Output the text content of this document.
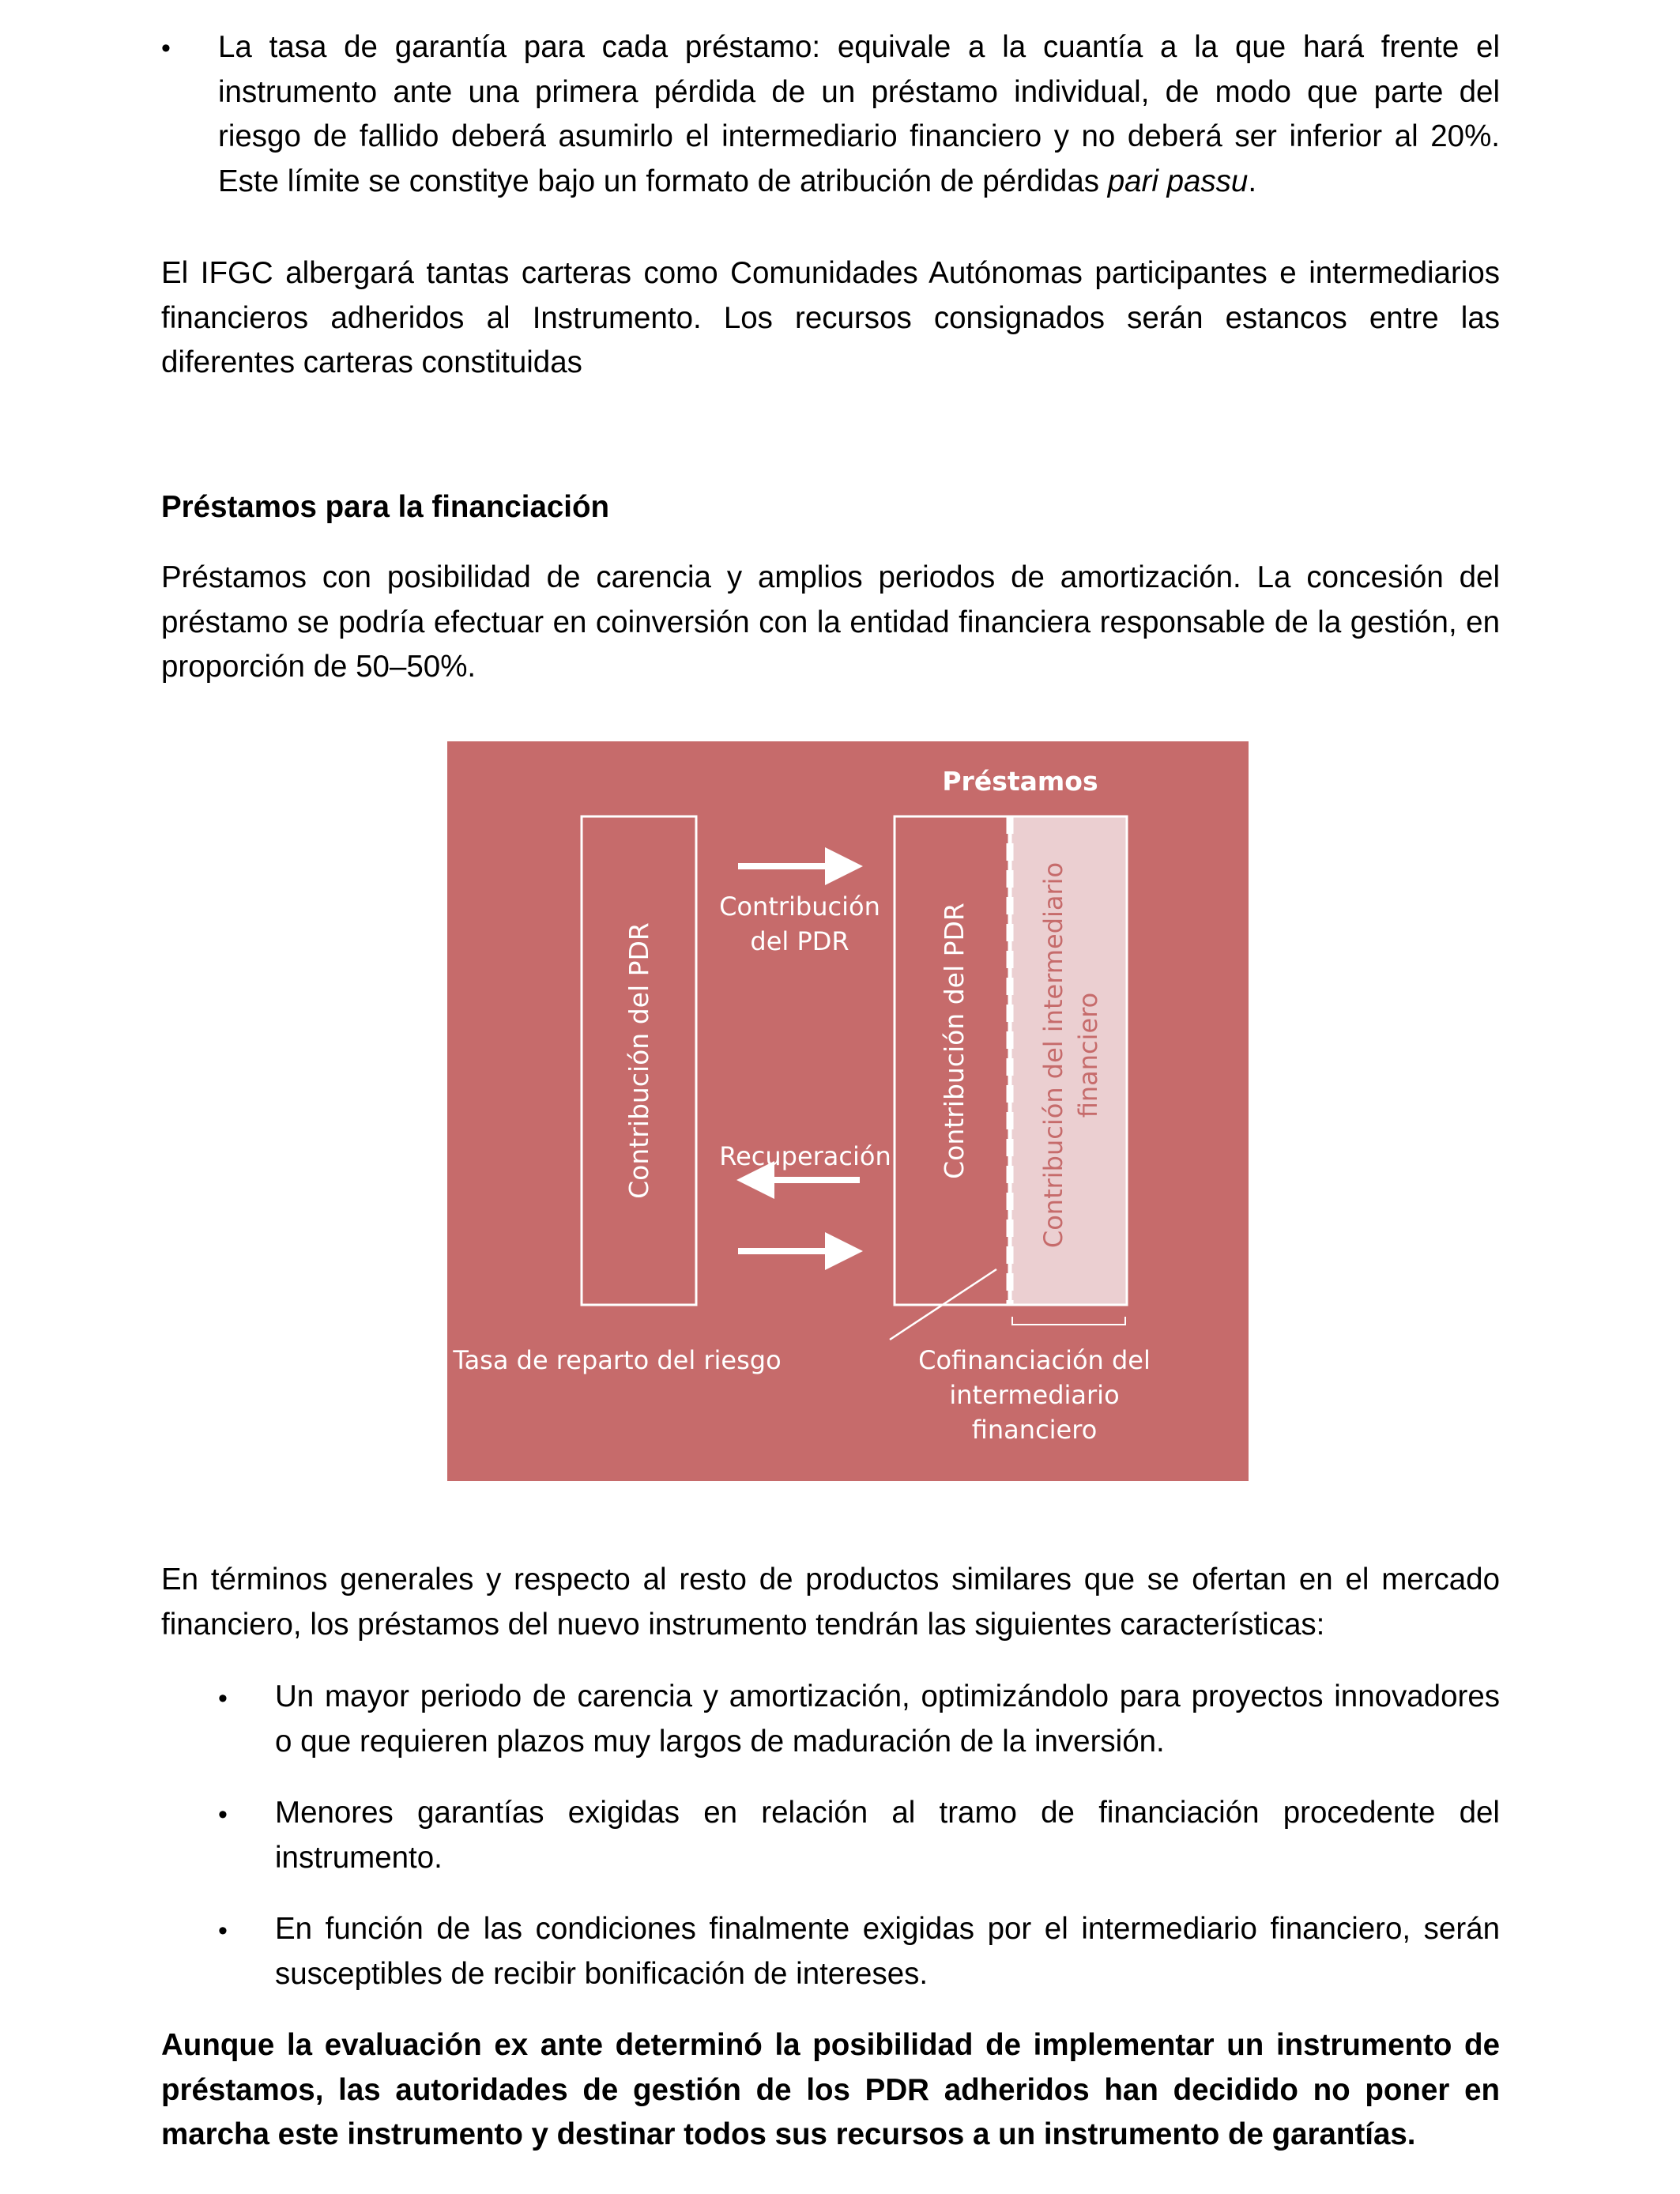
• La tasa de garantía para cada préstamo: equivale a la cuantía a la que hará frente el
instrumento ante una primera pérdida de un préstamo individual, de modo que parte del
riesgo de fallido deberá asumirlo el intermediario financiero y no deberá ser inferior al 20%.
Este límite se constitye bajo un formato de atribución de pérdidas pari passu.

El IFGC albergará tantas carteras como Comunidades Autónomas participantes e intermediarios financieros adheridos al Instrumento. Los recursos consignados serán estancos entre las diferentes carteras constituidas

Préstamos para la financiación

Préstamos con posibilidad de carencia y amplios periodos de amortización. La concesión del préstamo se podría efectuar en coinversión con la entidad financiera responsable de la gestión, en proporción de 50–50%.

Préstamos
Contribución del PDR
Contribución
del PDR
Recuperación Contribución del PDR	Contribución del intermediario financiero
Tasa de reparto del riesgo	Cofinanciación del
intermediario
financiero

En términos generales y respecto al resto de productos similares que se ofertan en el mercado financiero, los préstamos del nuevo instrumento tendrán las siguientes características:

• Un mayor periodo de carencia y amortización, optimizándolo para proyectos innovadores o que requieren plazos muy largos de maduración de la inversión.

• Menores garantías exigidas en relación al tramo de financiación procedente del instrumento.

• En función de las condiciones finalmente exigidas por el intermediario financiero, serán susceptibles de recibir bonificación de intereses.

Aunque la evaluación ex ante determinó la posibilidad de implementar un instrumento de préstamos, las autoridades de gestión de los PDR adheridos han decidido no poner en marcha este instrumento y destinar todos sus recursos a un instrumento de garantías.
